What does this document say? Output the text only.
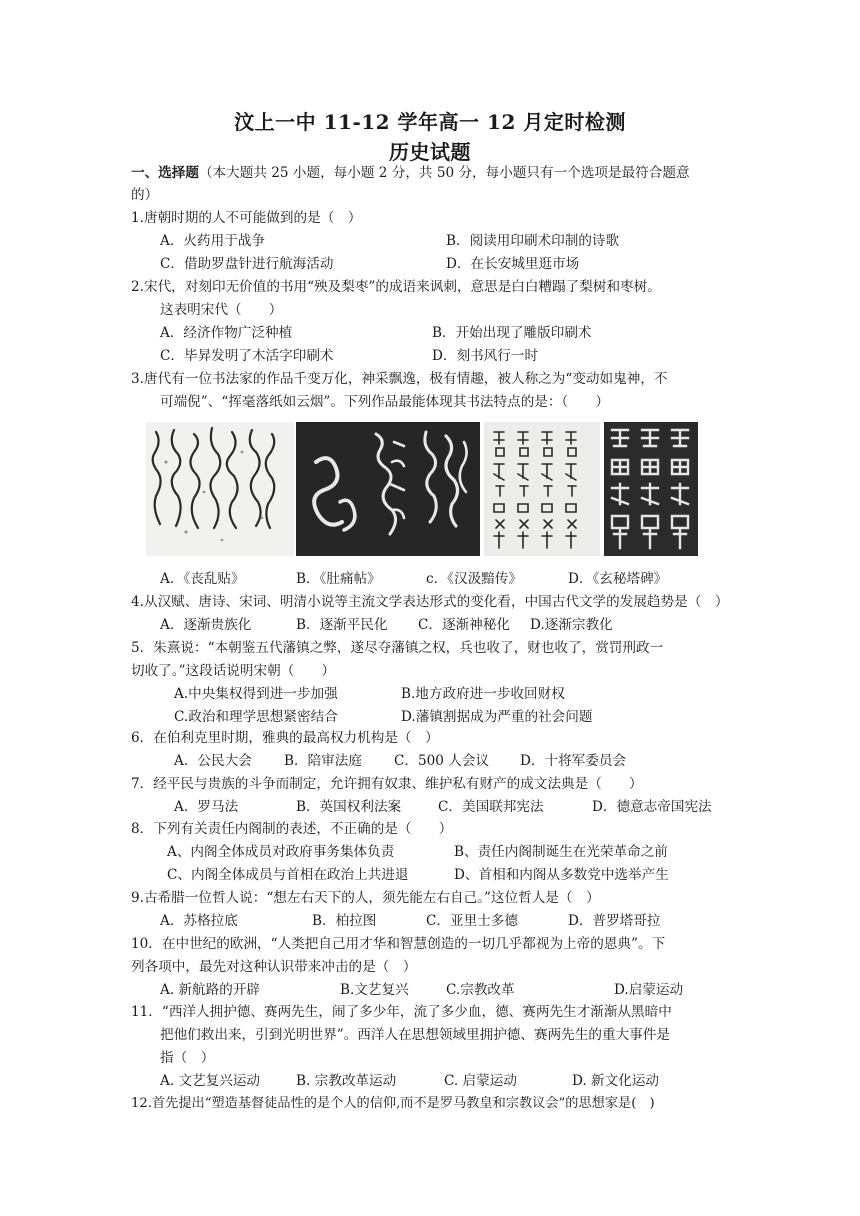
汶上一中 11-12 学年高一 12 月定时检测
历史试题
一、选择题（本大题共 25 小题，每小题 2 分，共 50 分，每小题只有一个选项是最符合题意
的）
1.唐朝时期的人不可能做到的是（　）
A．火药用于战争	B．阅读用印刷术印制的诗歌
C．借助罗盘针进行航海活动	D．在长安城里逛市场
2.宋代，对刻印无价值的书用“殃及梨枣”的成语来讽刺，意思是白白糟蹋了梨树和枣树。
这表明宋代（　　）
A．经济作物广泛种植	B．开始出现了雕版印刷术
C．毕昇发明了木活字印刷术	D．刻书风行一时
3.唐代有一位书法家的作品千变万化，神采飘逸，极有情趣，被人称之为“变动如鬼神，不
可端倪”、“挥毫落纸如云烟”。下列作品最能体现其书法特点的是：（　　）
A．《丧乱贴》	B．《肚痛帖》	c．《汉汲黯传》	D．《玄秘塔碑》
4.从汉赋、唐诗、宋词、明清小说等主流文学表达形式的变化看，中国古代文学的发展趋势是（　）
A．逐渐贵族化	B．逐渐平民化 C．逐渐神秘化 D.逐渐宗教化
5．朱熹说：“本朝鉴五代藩镇之弊，遂尽夺藩镇之权，兵也收了，财也收了，赏罚刑政一
切收了。”这段话说明宋朝（　　）
A.中央集权得到进一步加强	B.地方政府进一步收回财权
C.政治和理学思想紧密结合	D.藩镇割据成为严重的社会问题
6．在伯利克里时期，雅典的最高权力机构是（　）
A．公民大会 B．陪审法庭 C．500 人会议 D．十将军委员会
7．经平民与贵族的斗争而制定，允许拥有奴隶、维护私有财产的成文法典是（　　）
A．罗马法	B．英国权利法案	C．美国联邦宪法	D．德意志帝国宪法
8．下列有关责任内阁制的表述，不正确的是（　　）
A、内阁全体成员对政府事务集体负责	B、责任内阁制诞生在光荣革命之前
C、内阁全体成员与首相在政治上共进退	D、首相和内阁从多数党中选举产生
9.古希腊一位哲人说：“想左右天下的人，须先能左右自己。”这位哲人是（　）
A．苏格拉底	B．柏拉图	C．亚里士多德	D．普罗塔哥拉
10．在中世纪的欧洲，“人类把自己用才华和智慧创造的一切几乎都视为上帝的恩典”。下
列各项中，最先对这种认识带来冲击的是（　）
A. 新航路的开辟	B.文艺复兴	C.宗教改革	D.启蒙运动
11．“西洋人拥护德、赛两先生，闹了多少年，流了多少血，德、赛两先生才渐渐从黑暗中
把他们救出来，引到光明世界”。西洋人在思想领域里拥护德、赛两先生的重大事件是
指（　）
A. 文艺复兴运动	B. 宗教改革运动	C. 启蒙运动	D. 新文化运动
12.首先提出“塑造基督徒品性的是个人的信仰,而不是罗马教皇和宗教议会”的思想家是(　)
